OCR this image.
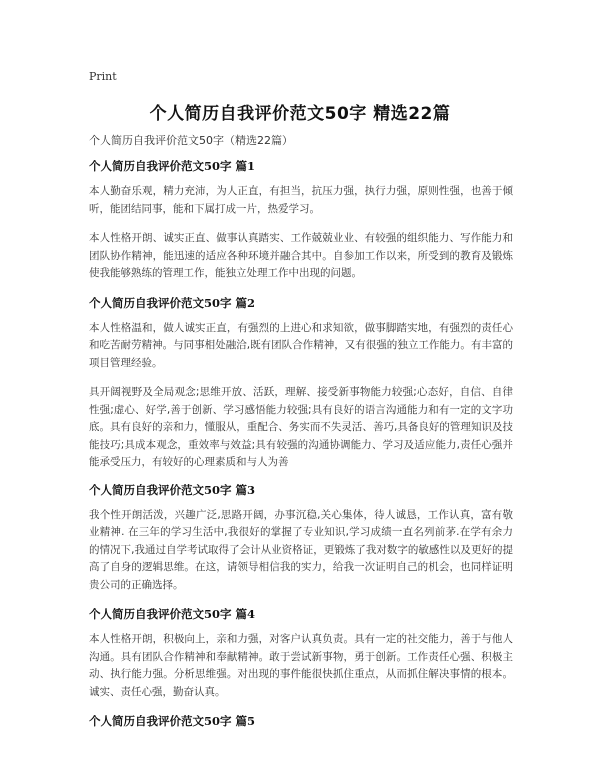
Print
个人简历自我评价范文50字 精选22篇
个人简历自我评价范文50字（精选22篇）
个人简历自我评价范文50字 篇1

本人勤奋乐观，精力充沛，为人正直，有担当，抗压力强，执行力强，原则性强，也善于倾听，能团结同事，能和下属打成一片，热爱学习。

本人性格开朗、诚实正直、做事认真踏实、工作兢兢业业、有较强的组织能力、写作能力和团队协作精神，能迅速的适应各种环境并融合其中。自参加工作以来，所受到的教育及锻炼使我能够熟练的管理工作，能独立处理工作中出现的问题。

个人简历自我评价范文50字 篇2

本人性格温和，做人诚实正直，有强烈的上进心和求知欲，做事脚踏实地，有强烈的责任心和吃苦耐劳精神。与同事相处融洽,既有团队合作精神，又有很强的独立工作能力。有丰富的项目管理经验。

具开阔视野及全局观念;思维开放、活跃，理解、接受新事物能力较强;心态好，自信、自律性强;虚心、好学,善于创新、学习感悟能力较强;具有良好的语言沟通能力和有一定的文字功底。具有良好的亲和力，懂服从，重配合、务实而不失灵活、善巧,具备良好的管理知识及技能技巧;具成本观念，重效率与效益;具有较强的沟通协调能力、学习及适应能力,责任心强并能承受压力，有较好的心理素质和与人为善

个人简历自我评价范文50字 篇3

我个性开朗活泼，兴趣广泛,思路开阔，办事沉稳,关心集体，待人诚恳，工作认真，富有敬业精神. 在三年的学习生活中,我很好的掌握了专业知识,学习成绩一直名列前茅.在学有余力的情况下,我通过自学考试取得了会计从业资格证，更锻炼了我对数字的敏感性以及更好的提高了自身的逻辑思维。在这，请领导相信我的实力，给我一次证明自己的机会，也同样证明贵公司的正确选择。

个人简历自我评价范文50字 篇4

本人性格开朗，积极向上，亲和力强，对客户认真负责。具有一定的社交能力，善于与他人沟通。具有团队合作精神和奉献精神。敢于尝试新事物，勇于创新。工作责任心强、积极主动、执行能力强。分析思维强。对出现的事件能很快抓住重点，从而抓住解决事情的根本。诚实、责任心强，勤奋认真。

个人简历自我评价范文50字 篇5
